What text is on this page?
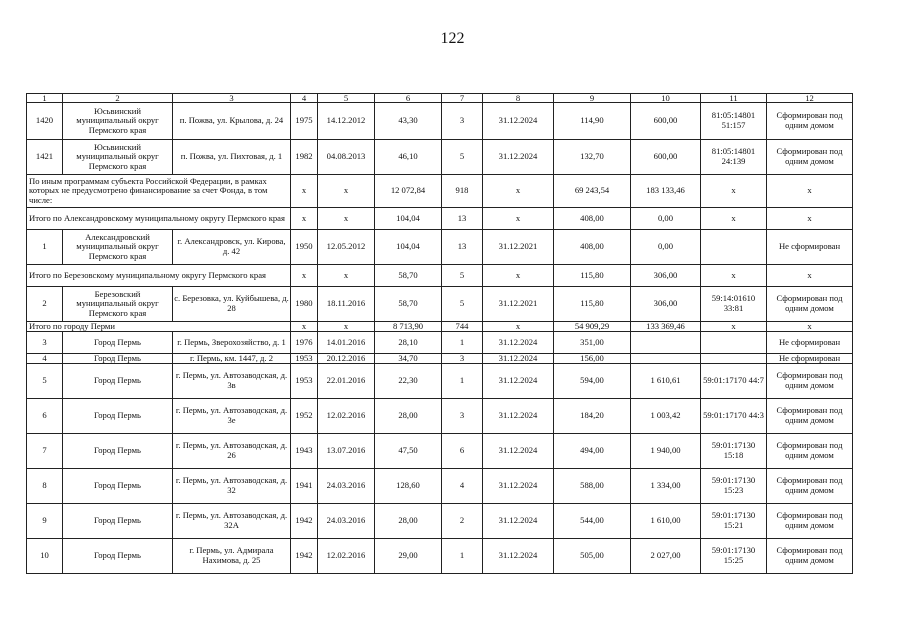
122
1	2	3	4	5	6	7	8	9	10	11	12
1420	Юсьвинский муниципальный округ Пермского края	п. Пожва, ул. Крылова, д. 24	1975	14.12.2012	43,30	3	31.12.2024	114,90	600,00	81:05:14801 51:157	Сформирован под одним домом
1421	Юсьвинский муниципальный округ Пермского края	п. Пожва, ул. Пихтовая, д. 1	1982	04.08.2013	46,10	5	31.12.2024	132,70	600,00	81:05:14801 24:139	Сформирован под одним домом
По иным программам субъекта Российской Федерации, в рамках которых не предусмотрено финансирование за счет Фонда, в том числе:			x	x	12 072,84	918	x	69 243,54	183 133,46	x	x
Итого по Александровскому муниципальному округу Пермского края			x	x	104,04	13	x	408,00	0,00	x	x
1	Александровский муниципальный округ Пермского края	г. Александровск, ул. Кирова, д. 42	1950	12.05.2012	104,04	13	31.12.2021	408,00	0,00		Не сформирован
Итого по Березовскому муниципальному округу Пермского края			x	x	58,70	5	x	115,80	306,00	x	x
2	Березовский муниципальный округ Пермского края	с. Березовка, ул. Куйбышева, д. 28	1980	18.11.2016	58,70	5	31.12.2021	115,80	306,00	59:14:01610 33:81	Сформирован под одним домом
Итого по городу Перми			x	x	8 713,90	744	x	54 909,29	133 369,46	x	x
3	Город Пермь	г. Пермь, Зверохозяйство, д. 1	1976	14.01.2016	28,10	1	31.12.2024	351,00			Не сформирован
4	Город Пермь	г. Пермь, км. 1447, д. 2	1953	20.12.2016	34,70	3	31.12.2024	156,00			Не сформирован
5	Город Пермь	г. Пермь, ул. Автозаводская, д. 3в	1953	22.01.2016	22,30	1	31.12.2024	594,00	1 610,61	59:01:17170 44:7	Сформирован под одним домом
6	Город Пермь	г. Пермь, ул. Автозаводская, д. 3е	1952	12.02.2016	28,00	3	31.12.2024	184,20	1 003,42	59:01:17170 44:3	Сформирован под одним домом
7	Город Пермь	г. Пермь, ул. Автозаводская, д. 26	1943	13.07.2016	47,50	6	31.12.2024	494,00	1 940,00	59:01:17130 15:18	Сформирован под одним домом
8	Город Пермь	г. Пермь, ул. Автозаводская, д. 32	1941	24.03.2016	128,60	4	31.12.2024	588,00	1 334,00	59:01:17130 15:23	Сформирован под одним домом
9	Город Пермь	г. Пермь, ул. Автозаводская, д. 32А	1942	24.03.2016	28,00	2	31.12.2024	544,00	1 610,00	59:01:17130 15:21	Сформирован под одним домом
10	Город Пермь	г. Пермь, ул. Адмирала Нахимова, д. 25	1942	12.02.2016	29,00	1	31.12.2024	505,00	2 027,00	59:01:17130 15:25	Сформирован под одним домом
